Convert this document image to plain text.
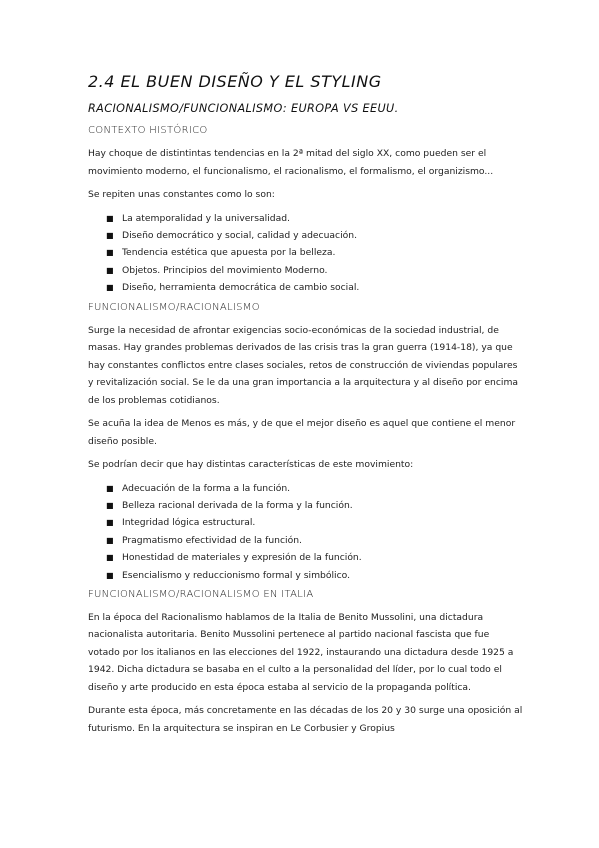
2.4 EL BUEN DISEÑO Y EL STYLING
RACIONALISMO/FUNCIONALISMO: EUROPA VS EEUU.
CONTEXTO HISTÓRICO

Hay choque de distintintas tendencias en la 2ª mitad del siglo XX, como pueden ser el movimiento moderno, el funcionalismo, el racionalismo, el formalismo, el organizismo...

Se repiten unas constantes como lo son:

■ La atemporalidad y la universalidad.
■ Diseño democrático y social, calidad y adecuación.
■ Tendencia estética que apuesta por la belleza.
■ Objetos. Principios del movimiento Moderno.
■ Diseño, herramienta democrática de cambio social.
FUNCIONALISMO/RACIONALISMO

Surge la necesidad de afrontar exigencias socio-económicas de la sociedad industrial, de masas. Hay grandes problemas derivados de las crisis tras la gran guerra (1914-18), ya que hay constantes conflictos entre clases sociales, retos de construcción de viviendas populares y revitalización social. Se le da una gran importancia a la arquitectura y al diseño por encima de los problemas cotidianos.

Se acuña la idea de Menos es más, y de que el mejor diseño es aquel que contiene el menor diseño posible.

Se podrían decir que hay distintas características de este movimiento:

■ Adecuación de la forma a la función.
■ Belleza racional derivada de la forma y la función.
■ Integridad lógica estructural.
■ Pragmatismo efectividad de la función.
■ Honestidad de materiales y expresión de la función.
■ Esencialismo y reduccionismo formal y simbólico.
FUNCIONALISMO/RACIONALISMO EN ITALIA

En la época del Racionalismo hablamos de la Italia de Benito Mussolini, una dictadura nacionalista autoritaria. Benito Mussolini pertenece al partido nacional fascista que fue votado por los italianos en las elecciones del 1922, instaurando una dictadura desde 1925 a 1942. Dicha dictadura se basaba en el culto a la personalidad del líder, por lo cual todo el diseño y arte producido en esta época estaba al servicio de la propaganda política.

Durante esta época, más concretamente en las décadas de los 20 y 30 surge una oposición al futurismo. En la arquitectura se inspiran en Le Corbusier y Gropius
